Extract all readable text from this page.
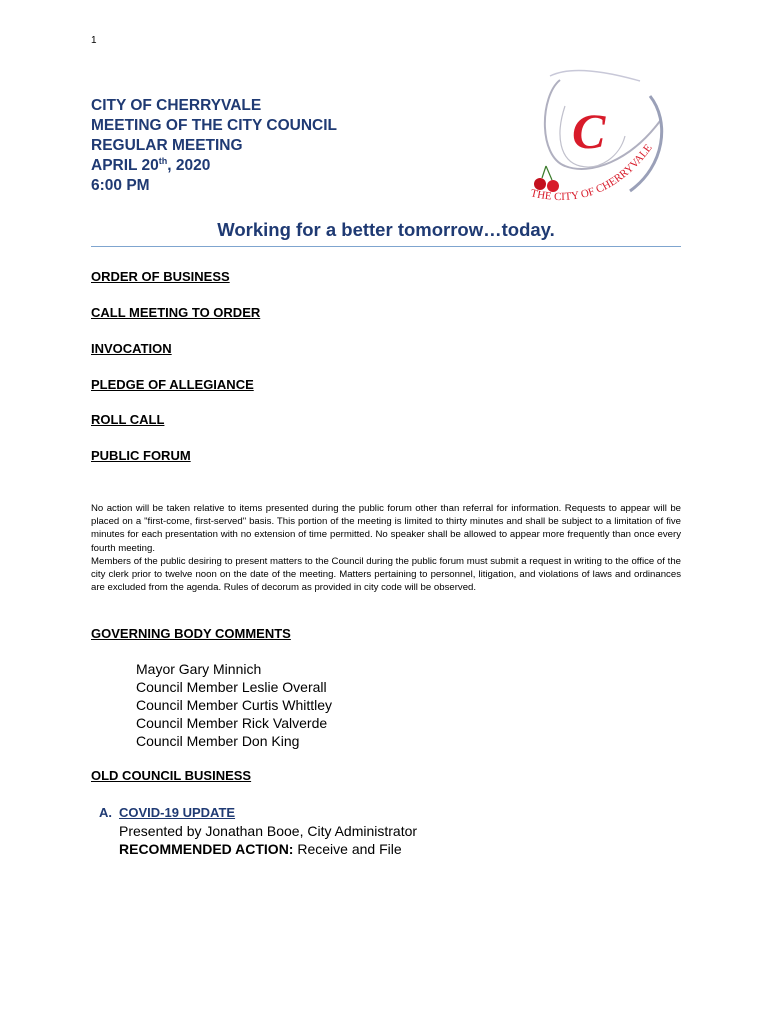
1
CITY OF CHERRYVALE
MEETING OF THE CITY COUNCIL
REGULAR MEETING
APRIL 20th, 2020
6:00 PM
C
THE CITY OF CHERRYVALE
Working for a better tomorrow…today.
ORDER OF BUSINESS
CALL MEETING TO ORDER
INVOCATION
PLEDGE OF ALLEGIANCE
ROLL CALL
PUBLIC FORUM

No action will be taken relative to items presented during the public forum other than referral for information. Requests to appear will be placed on a "first-come, first-served" basis. This portion of the meeting is limited to thirty minutes and shall be subject to a limitation of five minutes for each presentation with no extension of time permitted. No speaker shall be allowed to appear more frequently than once every fourth meeting.

Members of the public desiring to present matters to the Council during the public forum must submit a request in writing to the office of the city clerk prior to twelve noon on the date of the meeting. Matters pertaining to personnel, litigation, and violations of laws and ordinances are excluded from the agenda. Rules of decorum as provided in city code will be observed.

GOVERNING BODY COMMENTS
Mayor Gary Minnich
Council Member Leslie Overall
Council Member Curtis Whittley
Council Member Rick Valverde
Council Member Don King
OLD COUNCIL BUSINESS
A. COVID-19 UPDATE
Presented by Jonathan Booe, City Administrator
RECOMMENDED ACTION: Receive and File
